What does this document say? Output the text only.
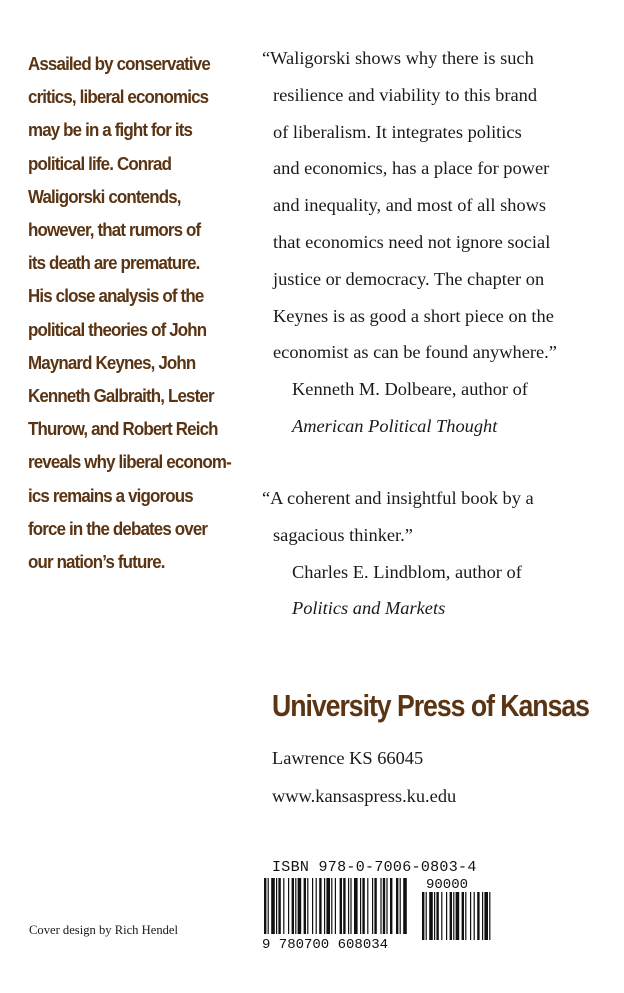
Assailed by conservative
critics, liberal economics
may be in a fight for its
political life. Conrad
Waligorski contends,
however, that rumors of
its death are premature.
His close analysis of the
political theories of John
Maynard Keynes, John
Kenneth Galbraith, Lester
Thurow, and Robert Reich
reveals why liberal econom-
ics remains a vigorous
force in the debates over
our nation’s future.
“Waligorski shows why there is such
resilience and viability to this brand
of liberalism. It integrates politics
and economics, has a place for power
and inequality, and most of all shows
that economics need not ignore social
justice or democracy. The chapter on
Keynes is as good a short piece on the
economist as can be found anywhere.”
Kenneth M. Dolbeare, author of
American Political Thought
“A coherent and insightful book by a
sagacious thinker.”
Charles E. Lindblom, author of
Politics and Markets
University Press of Kansas
Lawrence KS 66045
www.kansaspress.ku.edu
Cover design by Rich Hendel
ISBN 978-0-7006-0803-4
90000
9 780700 608034
